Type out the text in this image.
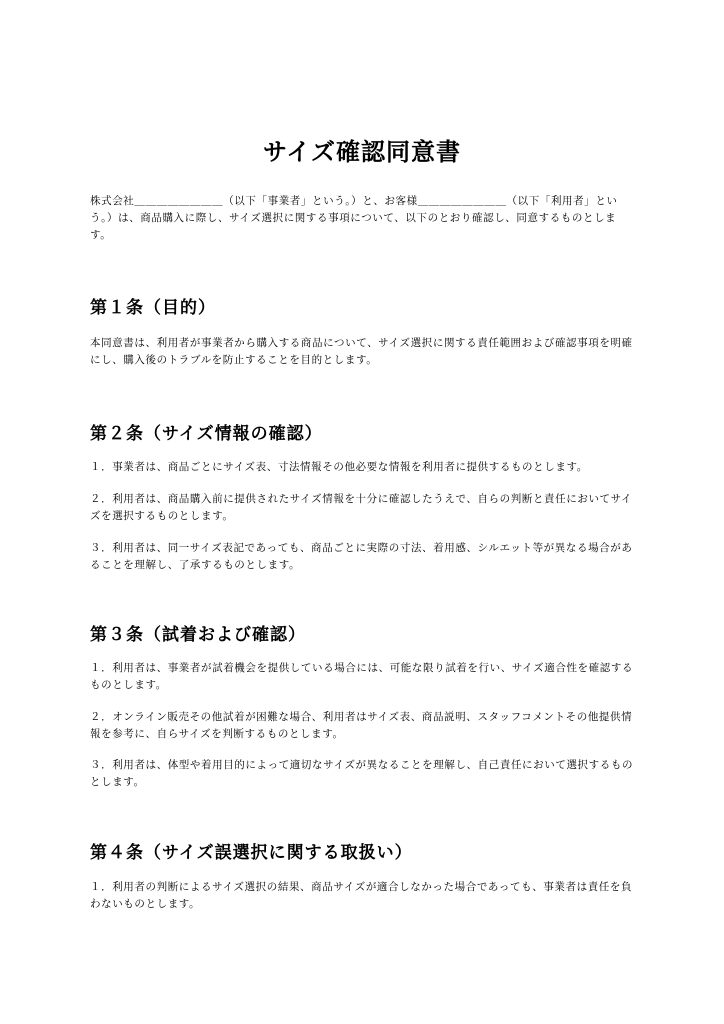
サイズ確認同意書

株式会社＿＿＿＿＿＿＿＿（以下「事業者」という。）と、お客様＿＿＿＿＿＿＿＿（以下「利用者」という。）は、商品購入に際し、サイズ選択に関する事項について、以下のとおり確認し、同意するものとします。

第１条（目的）

本同意書は、利用者が事業者から購入する商品について、サイズ選択に関する責任範囲および確認事項を明確にし、購入後のトラブルを防止することを目的とします。

第２条（サイズ情報の確認）

１．事業者は、商品ごとにサイズ表、寸法情報その他必要な情報を利用者に提供するものとします。

２．利用者は、商品購入前に提供されたサイズ情報を十分に確認したうえで、自らの判断と責任においてサイズを選択するものとします。

３．利用者は、同一サイズ表記であっても、商品ごとに実際の寸法、着用感、シルエット等が異なる場合があることを理解し、了承するものとします。

第３条（試着および確認）

１．利用者は、事業者が試着機会を提供している場合には、可能な限り試着を行い、サイズ適合性を確認するものとします。

２．オンライン販売その他試着が困難な場合、利用者はサイズ表、商品説明、スタッフコメントその他提供情報を参考に、自らサイズを判断するものとします。

３．利用者は、体型や着用目的によって適切なサイズが異なることを理解し、自己責任において選択するものとします。

第４条（サイズ誤選択に関する取扱い）

１．利用者の判断によるサイズ選択の結果、商品サイズが適合しなかった場合であっても、事業者は責任を負わないものとします。
